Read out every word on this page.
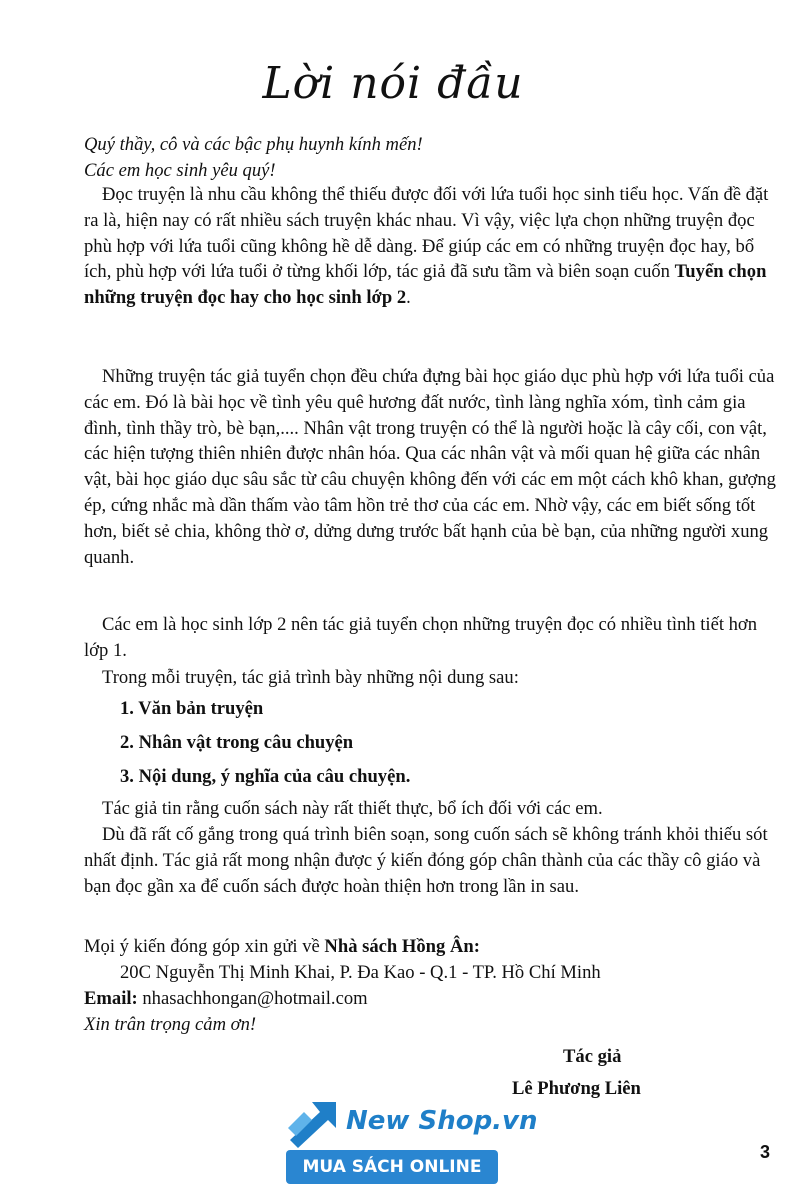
Lời nói đầu
Quý thầy, cô và các bậc phụ huynh kính mến!
Các em học sinh yêu quý!
Đọc truyện là nhu cầu không thể thiếu được đối với lứa tuổi học sinh tiểu học. Vấn đề đặt ra là, hiện nay có rất nhiều sách truyện khác nhau. Vì vậy, việc lựa chọn những truyện đọc phù hợp với lứa tuổi cũng không hề dễ dàng. Để giúp các em có những truyện đọc hay, bổ ích, phù hợp với lứa tuổi ở từng khối lớp, tác giả đã sưu tầm và biên soạn cuốn Tuyển chọn những truyện đọc hay cho học sinh lớp 2.
Những truyện tác giả tuyển chọn đều chứa đựng bài học giáo dục phù hợp với lứa tuổi của các em. Đó là bài học về tình yêu quê hương đất nước, tình làng nghĩa xóm, tình cảm gia đình, tình thầy trò, bè bạn,.... Nhân vật trong truyện có thể là người hoặc là cây cối, con vật, các hiện tượng thiên nhiên được nhân hóa. Qua các nhân vật và mối quan hệ giữa các nhân vật, bài học giáo dục sâu sắc từ câu chuyện không đến với các em một cách khô khan, gượng ép, cứng nhắc mà dần thấm vào tâm hồn trẻ thơ của các em. Nhờ vậy, các em biết sống tốt hơn, biết sẻ chia, không thờ ơ, dửng dưng trước bất hạnh của bè bạn, của những người xung quanh.
Các em là học sinh lớp 2 nên tác giả tuyển chọn những truyện đọc có nhiều tình tiết hơn lớp 1.
Trong mỗi truyện, tác giả trình bày những nội dung sau:
1. Văn bản truyện
2. Nhân vật trong câu chuyện
3. Nội dung, ý nghĩa của câu chuyện.
Tác giả tin rằng cuốn sách này rất thiết thực, bổ ích đối với các em.
Dù đã rất cố gắng trong quá trình biên soạn, song cuốn sách sẽ không tránh khỏi thiếu sót nhất định. Tác giả rất mong nhận được ý kiến đóng góp chân thành của các thầy cô giáo và bạn đọc gần xa để cuốn sách được hoàn thiện hơn trong lần in sau.
Mọi ý kiến đóng góp xin gửi về Nhà sách Hồng Ân:
20C Nguyễn Thị Minh Khai, P. Đa Kao - Q.1 - TP. Hồ Chí Minh
Email: nhasachhongan@hotmail.com
Xin trân trọng cảm ơn!
Tác giả
Lê Phương Liên
New Shop.vn
MUA SÁCH ONLINE
3
